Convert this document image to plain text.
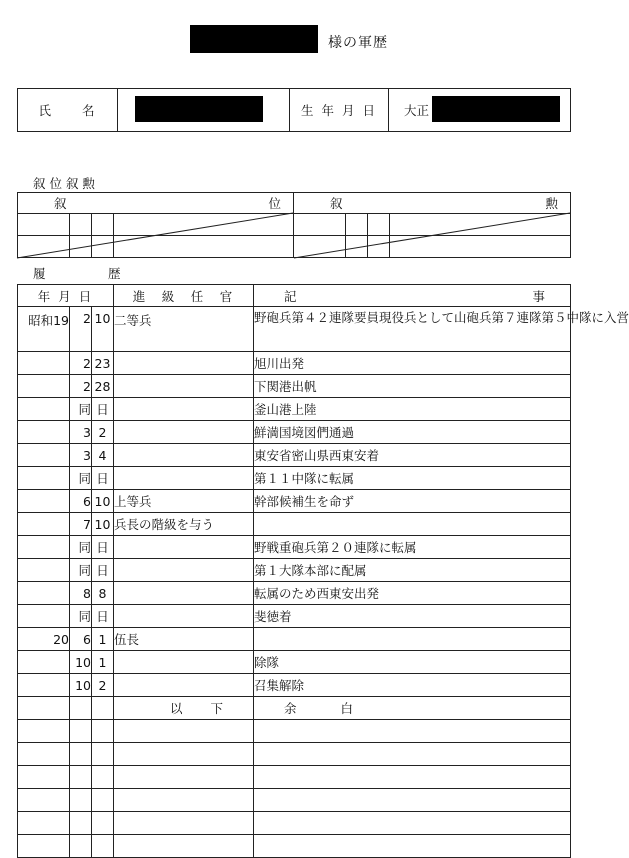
様の軍歴
氏　　名		生 年 月 日	大正
叙 位 叙 勲
叙 位				叙 勲			

履　　　　　歴
年 月 日			進　級　任　官	記 事

昭和19	2	10	二等兵	野砲兵第４２連隊要員現役兵として山砲兵第７連隊第５中隊に入営
	2	23		旭川出発
	2	28		下関港出帆
	同	日		釜山港上陸
	3	2		鮮満国境図們通過
	3	4		東安省密山県西東安着
	同	日		第１１中隊に転属
	6	10	上等兵	幹部候補生を命ず
	7	10	兵長の階級を与う	
	同	日		野戦重砲兵第２０連隊に転属
	同	日		第１大隊本部に配属
	8	8		転属のため西東安出発
	同	日		斐徳着
20	6	1	伍長	
	10	1		除隊
	10	2		召集解除
			以 下	余 白
